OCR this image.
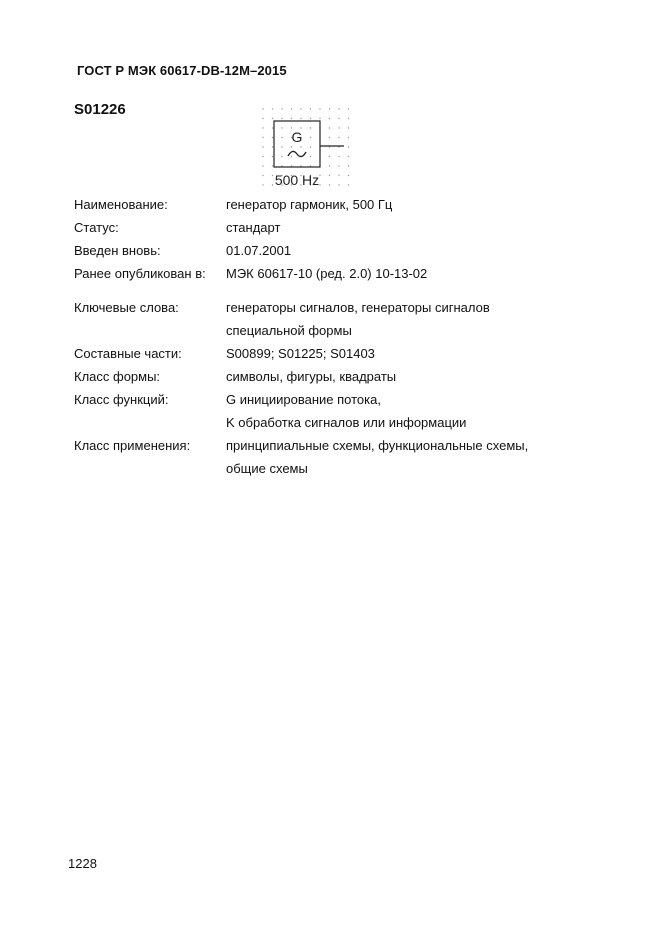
ГОСТ Р МЭК 60617-DB-12М–2015
S01226
G
500 Hz
Наименование:	генератор гармоник, 500 Гц
Статус:	стандарт
Введен вновь:	01.07.2001
Ранее опубликован в:	МЭК 60617-10 (ред. 2.0) 10-13-02
Ключевые слова:	генераторы сигналов, генераторы сигналов
специальной формы
Составные части:	S00899; S01225; S01403
Класс формы:	символы, фигуры, квадраты
Класс функций:	G инициирование потока,
K обработка сигналов или информации
Класс применения:	принципиальные схемы, функциональные схемы,
общие схемы
1228
